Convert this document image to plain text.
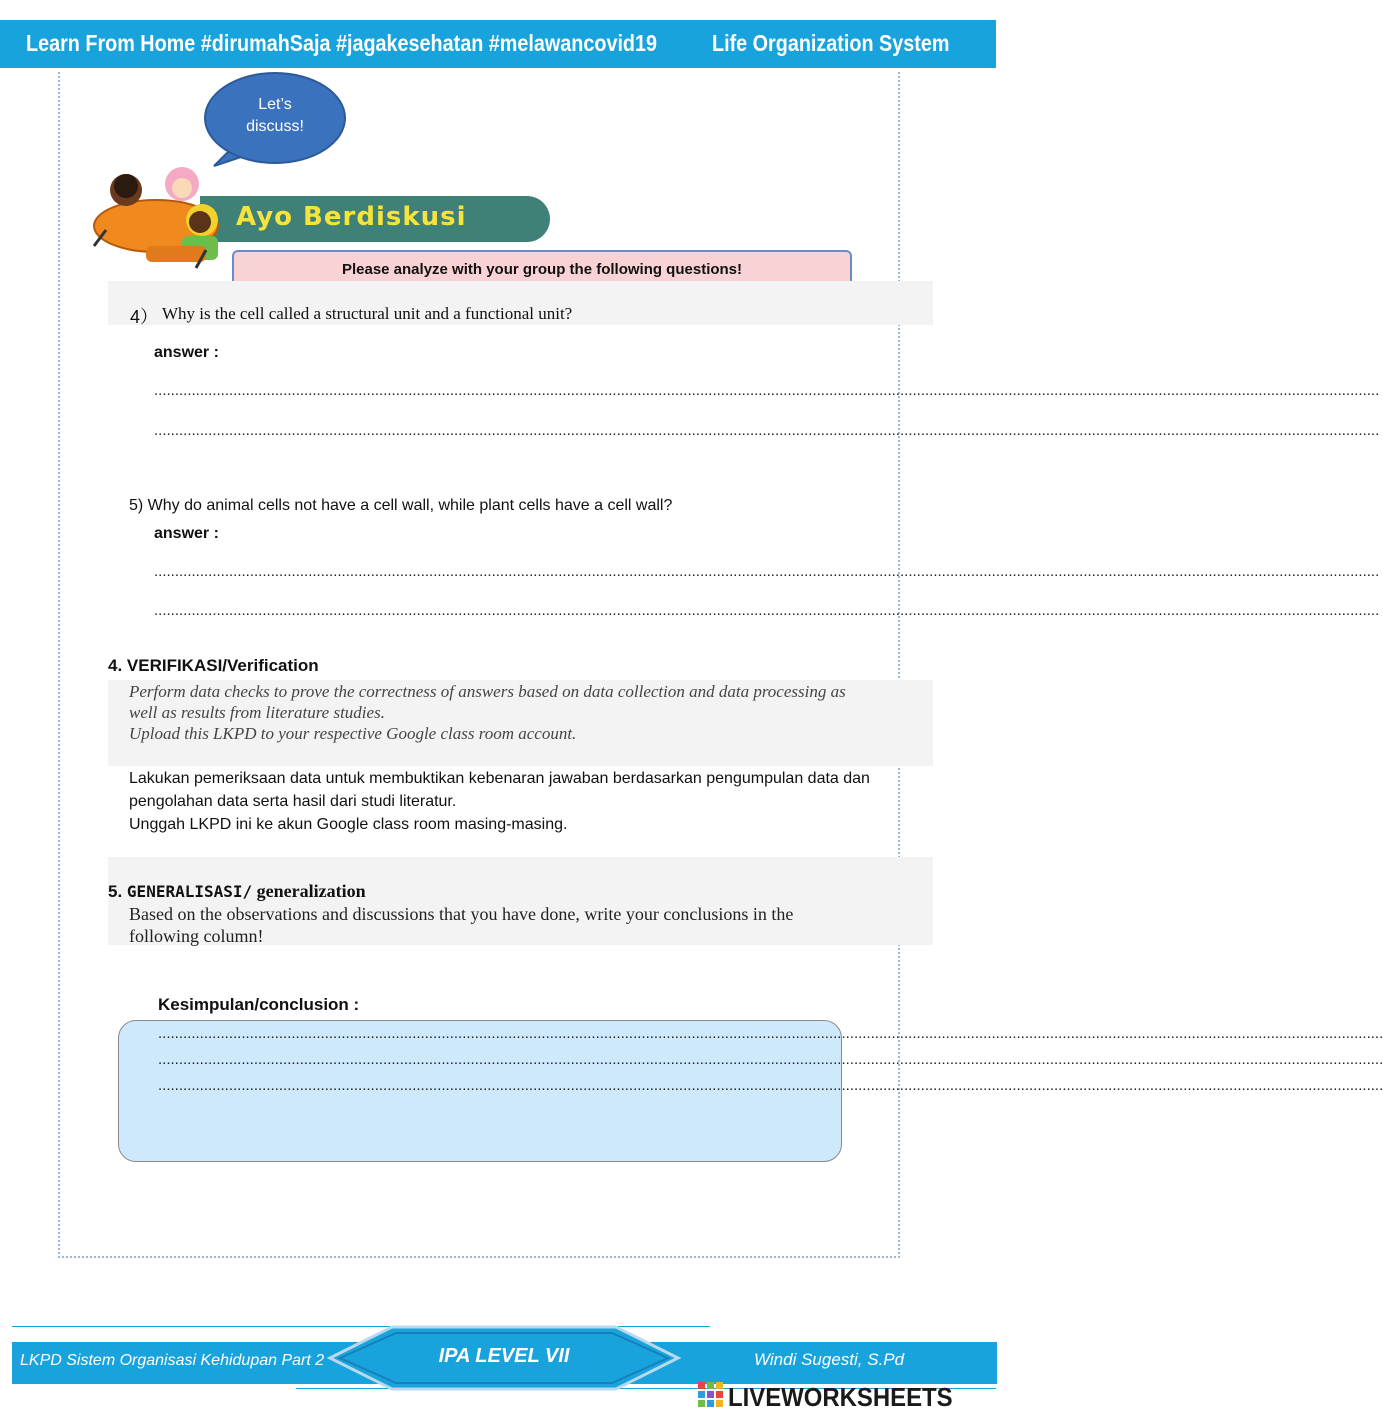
Learn From Home #dirumahSaja #jagakesehatan #melawancovid19 Life Organization System
Let’s
discuss!
Ayo Berdiskusi
Please analyze with your group the following questions!
4） Why is the cell called a structural unit and a functional unit?
answer :
......................................................................................................................................................................................................................................................................................................
......................................................................................................................................................................................................................................................................................................
5) Why do animal cells not have a cell wall, while plant cells have a cell wall?
answer :
......................................................................................................................................................................................................................................................................................................
......................................................................................................................................................................................................................................................................................................
4. VERIFIKASI/Verification
Perform data checks to prove the correctness of answers based on data collection and data processing as
well as results from literature studies.
Upload this LKPD to your respective Google class room account.
Lakukan pemeriksaan data untuk membuktikan kebenaran jawaban berdasarkan pengumpulan data dan
pengolahan data serta hasil dari studi literatur.
Unggah LKPD ini ke akun Google class room masing-masing.
5. GENERALISASI/ generalization
Based on the observations and discussions that you have done, write your conclusions in the
following column!
Kesimpulan/conclusion :
......................................................................................................................................................................................................................................................................................................
......................................................................................................................................................................................................................................................................................................
......................................................................................................................................................................................................................................................................................................
LKPD Sistem Organisasi Kehidupan Part 2	Windi Sugesti, S.Pd
IPA LEVEL VII
LIVEWORKSHEETS
